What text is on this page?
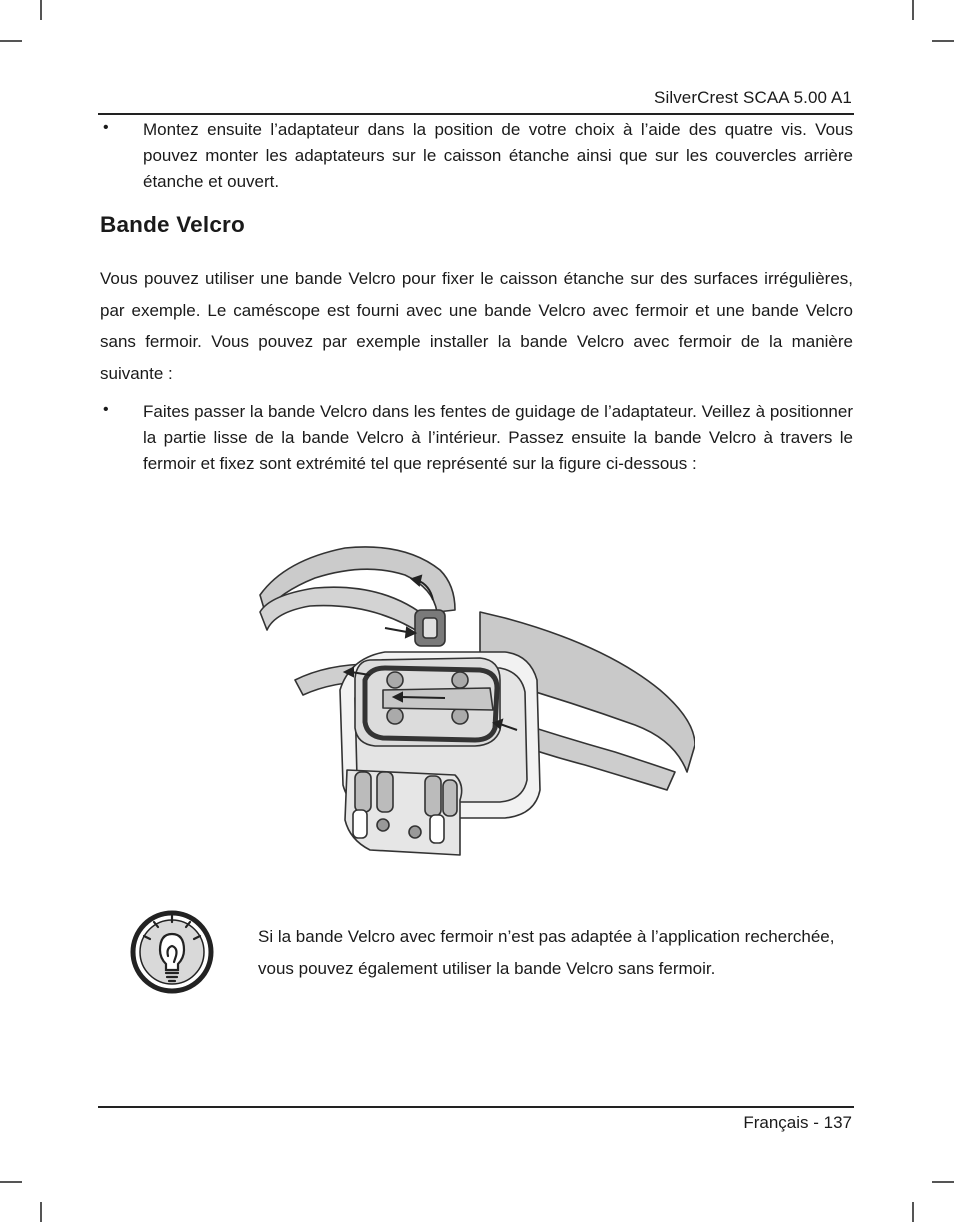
SilverCrest SCAA 5.00 A1
• Montez ensuite l’adaptateur dans la position de votre choix à l’aide des quatre vis. Vous pouvez monter les adaptateurs sur le caisson étanche ainsi que sur les couvercles arrière étanche et ouvert.

Bande Velcro

Vous pouvez utiliser une bande Velcro pour fixer le caisson étanche sur des surfaces irrégulières, par exemple. Le caméscope est fourni avec une bande Velcro avec fermoir et une bande Velcro sans fermoir. Vous pouvez par exemple installer la bande Velcro avec fermoir de la manière suivante :

• Faites passer la bande Velcro dans les fentes de guidage de l’adaptateur. Veillez à positionner la partie lisse de la bande Velcro à l’intérieur. Passez ensuite la bande Velcro à travers le fermoir et fixez sont extrémité tel que représenté sur la figure ci-dessous :

Si la bande Velcro avec fermoir n’est pas adaptée à l’application recherchée, vous pouvez également utiliser la bande Velcro sans fermoir.

Français - 137
